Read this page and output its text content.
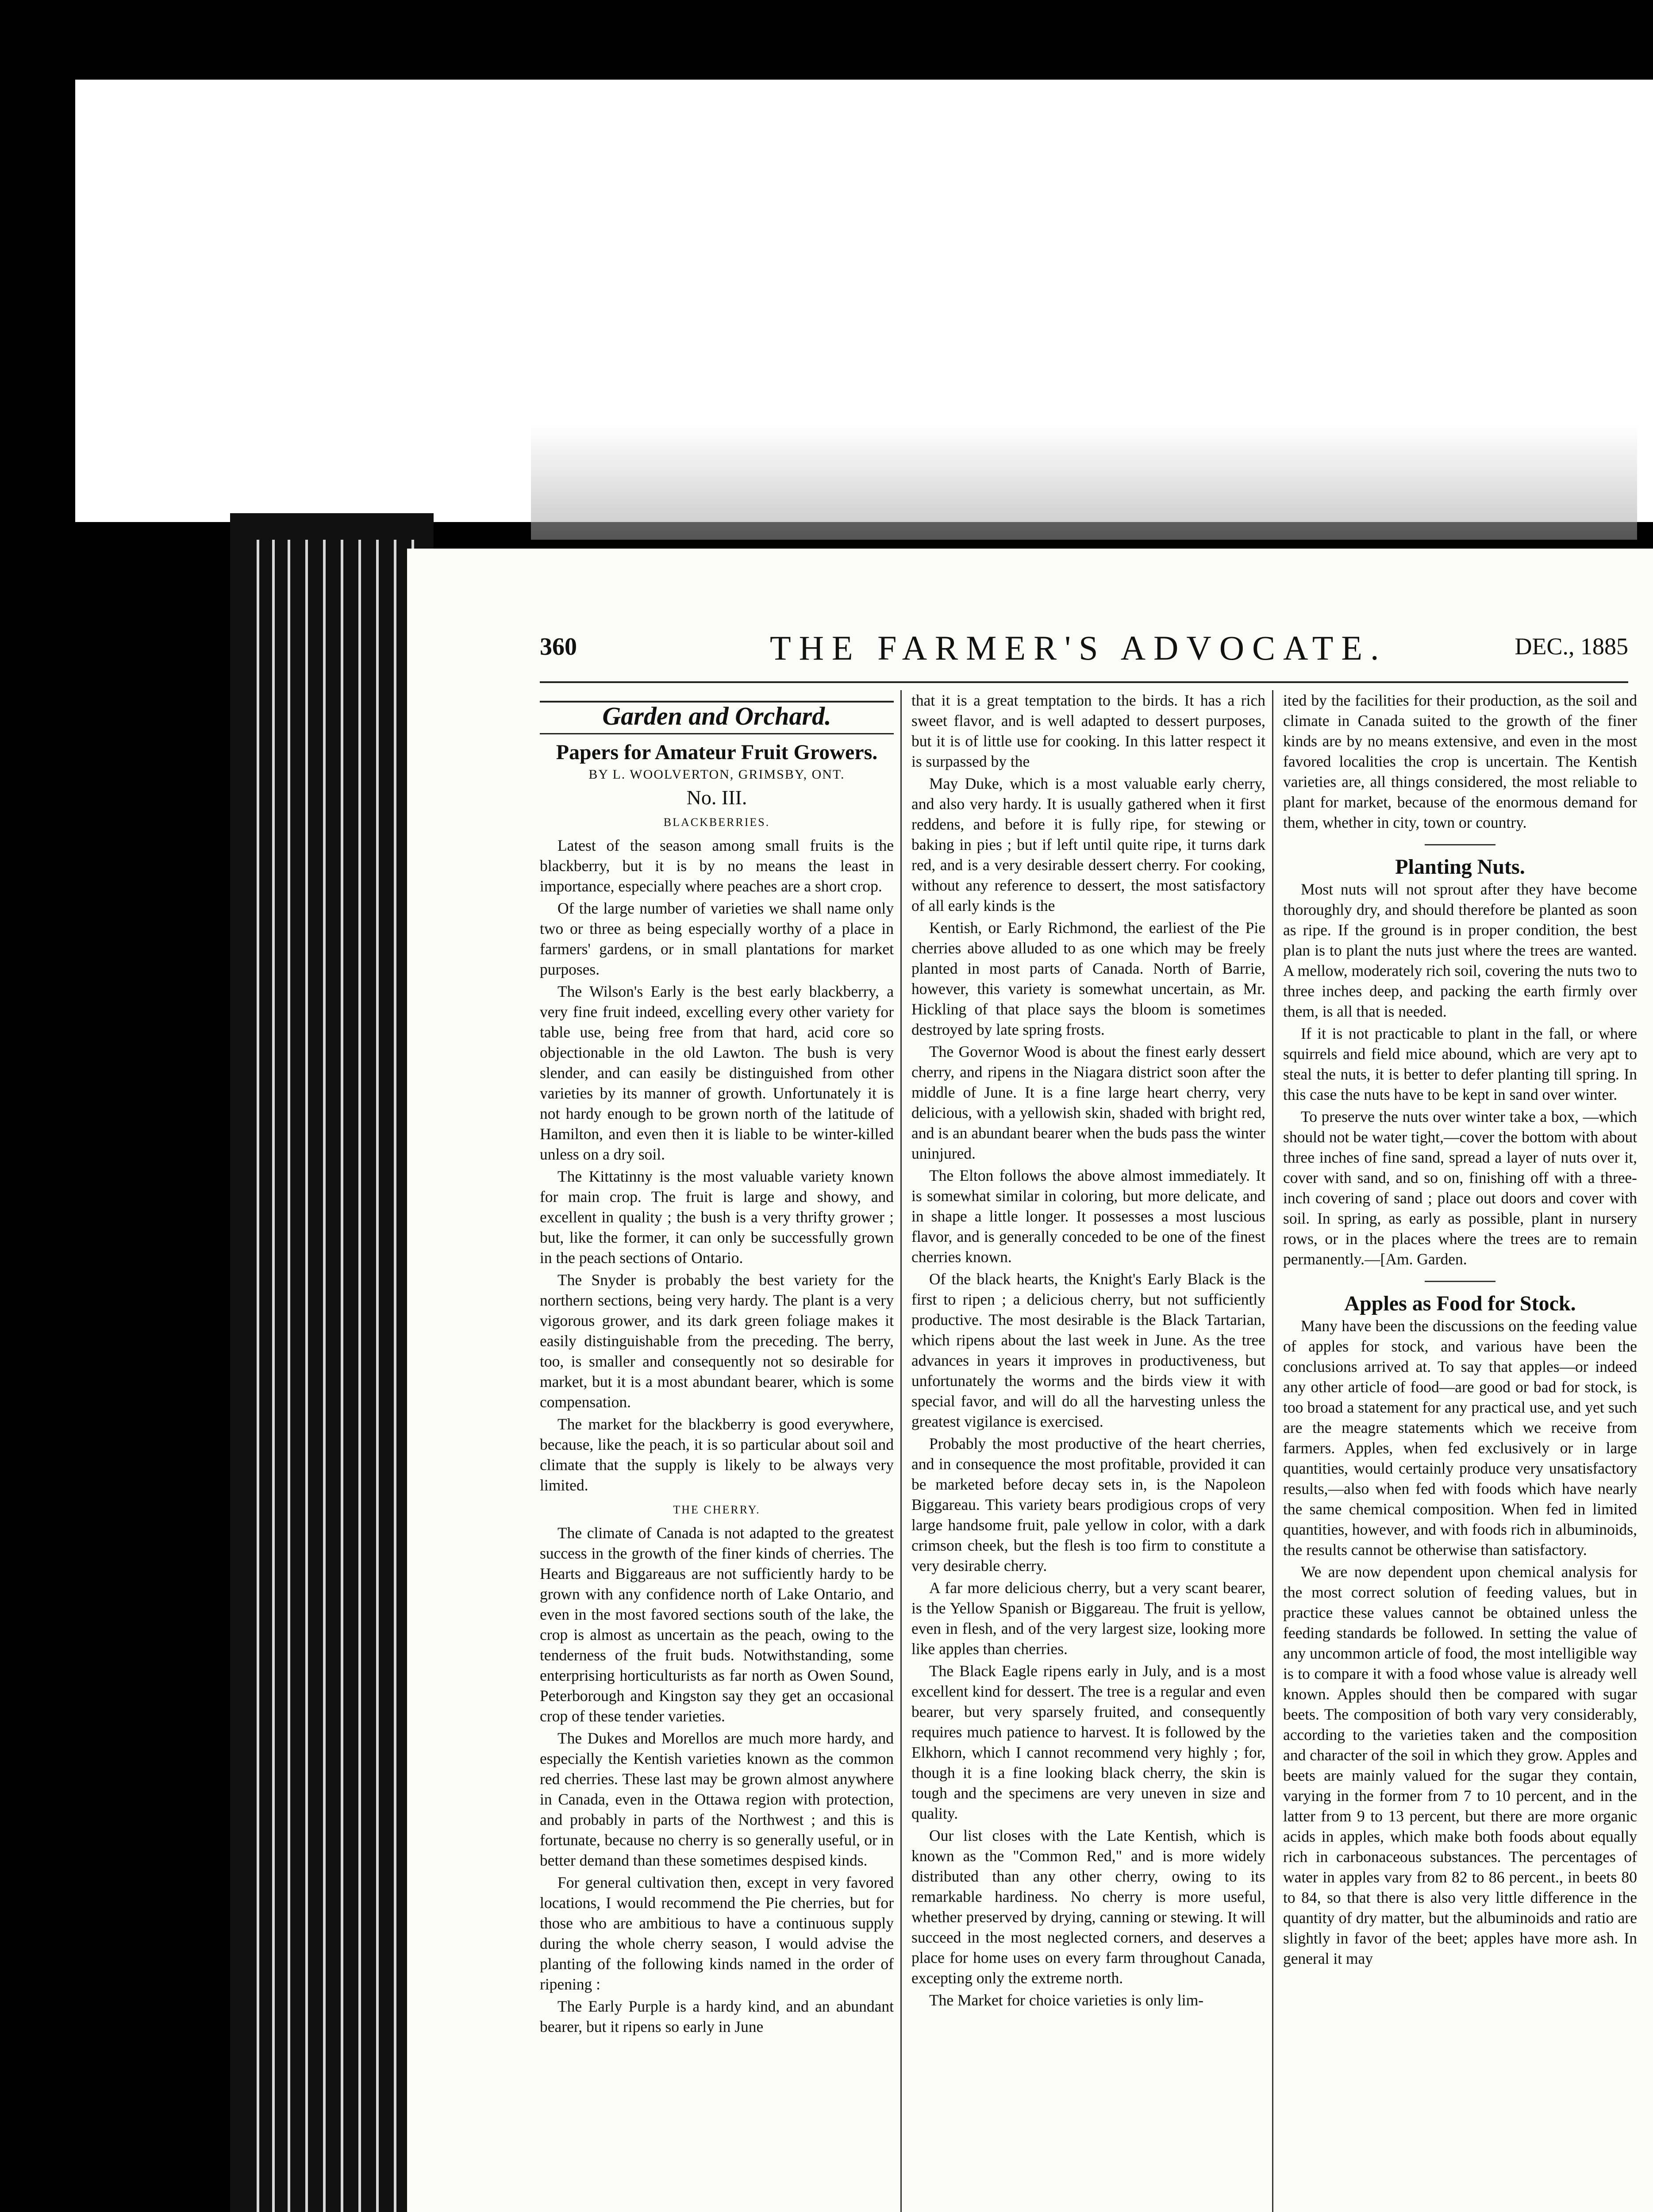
360	THE FARMER'S ADVOCATE.	DEC., 1885
Garden and Orchard.
Papers for Amateur Fruit Growers.
BY L. WOOLVERTON, GRIMSBY, ONT.
No. III.
BLACKBERRIES.

Latest of the season among small fruits is the blackberry, but it is by no means the least in importance, especially where peaches are a short crop.

Of the large number of varieties we shall name only two or three as being especially worthy of a place in farmers' gardens, or in small plantations for market purposes.

The Wilson's Early is the best early blackberry, a very fine fruit indeed, excelling every other variety for table use, being free from that hard, acid core so objectionable in the old Lawton. The bush is very slender, and can easily be distinguished from other varieties by its manner of growth. Unfortunately it is not hardy enough to be grown north of the latitude of Hamilton, and even then it is liable to be winter-killed unless on a dry soil.

The Kittatinny is the most valuable variety known for main crop. The fruit is large and showy, and excellent in quality ; the bush is a very thrifty grower ; but, like the former, it can only be successfully grown in the peach sections of Ontario.

The Snyder is probably the best variety for the northern sections, being very hardy. The plant is a very vigorous grower, and its dark green foliage makes it easily distinguishable from the preceding. The berry, too, is smaller and consequently not so desirable for market, but it is a most abundant bearer, which is some compensation.

The market for the blackberry is good everywhere, because, like the peach, it is so particular about soil and climate that the supply is likely to be always very limited.

THE CHERRY.

The climate of Canada is not adapted to the greatest success in the growth of the finer kinds of cherries. The Hearts and Biggareaus are not sufficiently hardy to be grown with any confidence north of Lake Ontario, and even in the most favored sections south of the lake, the crop is almost as uncertain as the peach, owing to the tenderness of the fruit buds. Notwithstanding, some enterprising horticulturists as far north as Owen Sound, Peterborough and Kingston say they get an occasional crop of these tender varieties.

The Dukes and Morellos are much more hardy, and especially the Kentish varieties known as the common red cherries. These last may be grown almost anywhere in Canada, even in the Ottawa region with protection, and probably in parts of the Northwest ; and this is fortunate, because no cherry is so generally useful, or in better demand than these sometimes despised kinds.

For general cultivation then, except in very favored locations, I would recommend the Pie cherries, but for those who are ambitious to have a continuous supply during the whole cherry season, I would advise the planting of the following kinds named in the order of ripening :

The Early Purple is a hardy kind, and an abundant bearer, but it ripens so early in June

that it is a great temptation to the birds. It has a rich sweet flavor, and is well adapted to dessert purposes, but it is of little use for cooking. In this latter respect it is surpassed by the

May Duke, which is a most valuable early cherry, and also very hardy. It is usually gathered when it first reddens, and before it is fully ripe, for stewing or baking in pies ; but if left until quite ripe, it turns dark red, and is a very desirable dessert cherry. For cooking, without any reference to dessert, the most satisfactory of all early kinds is the

Kentish, or Early Richmond, the earliest of the Pie cherries above alluded to as one which may be freely planted in most parts of Canada. North of Barrie, however, this variety is somewhat uncertain, as Mr. Hickling of that place says the bloom is sometimes destroyed by late spring frosts.

The Governor Wood is about the finest early dessert cherry, and ripens in the Niagara district soon after the middle of June. It is a fine large heart cherry, very delicious, with a yellowish skin, shaded with bright red, and is an abundant bearer when the buds pass the winter uninjured.

The Elton follows the above almost immediately. It is somewhat similar in coloring, but more delicate, and in shape a little longer. It possesses a most luscious flavor, and is generally conceded to be one of the finest cherries known.

Of the black hearts, the Knight's Early Black is the first to ripen ; a delicious cherry, but not sufficiently productive. The most desirable is the Black Tartarian, which ripens about the last week in June. As the tree advances in years it improves in productiveness, but unfortunately the worms and the birds view it with special favor, and will do all the harvesting unless the greatest vigilance is exercised.

Probably the most productive of the heart cherries, and in consequence the most profitable, provided it can be marketed before decay sets in, is the Napoleon Biggareau. This variety bears prodigious crops of very large handsome fruit, pale yellow in color, with a dark crimson cheek, but the flesh is too firm to constitute a very desirable cherry.

A far more delicious cherry, but a very scant bearer, is the Yellow Spanish or Biggareau. The fruit is yellow, even in flesh, and of the very largest size, looking more like apples than cherries.

The Black Eagle ripens early in July, and is a most excellent kind for dessert. The tree is a regular and even bearer, but very sparsely fruited, and consequently requires much patience to harvest. It is followed by the Elkhorn, which I cannot recommend very highly ; for, though it is a fine looking black cherry, the skin is tough and the specimens are very uneven in size and quality.

Our list closes with the Late Kentish, which is known as the "Common Red," and is more widely distributed than any other cherry, owing to its remarkable hardiness. No cherry is more useful, whether preserved by drying, canning or stewing. It will succeed in the most neglected corners, and deserves a place for home uses on every farm throughout Canada, excepting only the extreme north.

The Market for choice varieties is only lim-

ited by the facilities for their production, as the soil and climate in Canada suited to the growth of the finer kinds are by no means extensive, and even in the most favored localities the crop is uncertain. The Kentish varieties are, all things considered, the most reliable to plant for market, because of the enormous demand for them, whether in city, town or country.

Planting Nuts.

Most nuts will not sprout after they have become thoroughly dry, and should therefore be planted as soon as ripe. If the ground is in proper condition, the best plan is to plant the nuts just where the trees are wanted. A mellow, moderately rich soil, covering the nuts two to three inches deep, and packing the earth firmly over them, is all that is needed.

If it is not practicable to plant in the fall, or where squirrels and field mice abound, which are very apt to steal the nuts, it is better to defer planting till spring. In this case the nuts have to be kept in sand over winter.

To preserve the nuts over winter take a box, —which should not be water tight,—cover the bottom with about three inches of fine sand, spread a layer of nuts over it, cover with sand, and so on, finishing off with a three-inch covering of sand ; place out doors and cover with soil. In spring, as early as possible, plant in nursery rows, or in the places where the trees are to remain permanently.—[Am. Garden.

Apples as Food for Stock.

Many have been the discussions on the feeding value of apples for stock, and various have been the conclusions arrived at. To say that apples—or indeed any other article of food—are good or bad for stock, is too broad a statement for any practical use, and yet such are the meagre statements which we receive from farmers. Apples, when fed exclusively or in large quantities, would certainly produce very unsatisfactory results,—also when fed with foods which have nearly the same chemical composition. When fed in limited quantities, however, and with foods rich in albuminoids, the results cannot be otherwise than satisfactory.

We are now dependent upon chemical analysis for the most correct solution of feeding values, but in practice these values cannot be obtained unless the feeding standards be followed. In setting the value of any uncommon article of food, the most intelligible way is to compare it with a food whose value is already well known. Apples should then be compared with sugar beets. The composition of both vary very considerably, according to the varieties taken and the composition and character of the soil in which they grow. Apples and beets are mainly valued for the sugar they contain, varying in the former from 7 to 10 percent, and in the latter from 9 to 13 percent, but there are more organic acids in apples, which make both foods about equally rich in carbonaceous substances. The percentages of water in apples vary from 82 to 86 percent., in beets 80 to 84, so that there is also very little difference in the quantity of dry matter, but the albuminoids and ratio are slightly in favor of the beet; apples have more ash. In general it may
